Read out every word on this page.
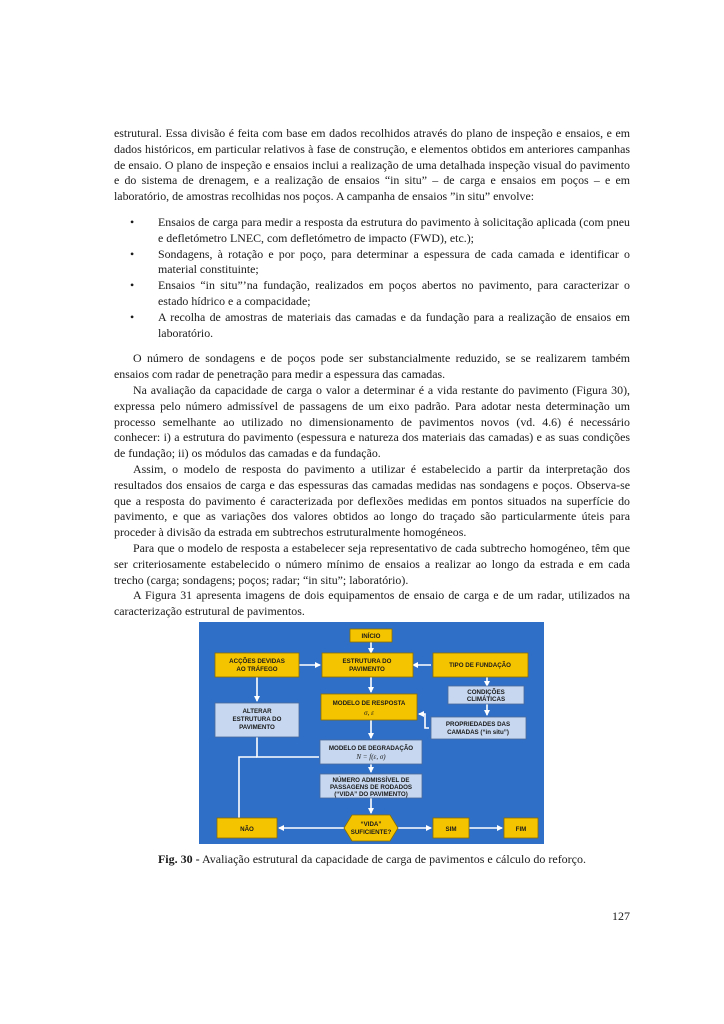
estrutural. Essa divisão é feita com base em dados recolhidos através do plano de inspeção e ensaios, e em dados históricos, em particular relativos à fase de construção, e elementos obtidos em anteriores campanhas de ensaio. O plano de inspeção e ensaios inclui a realização de uma detalhada inspeção visual do pavimento e do sistema de drenagem, e a realização de ensaios “in situ” – de carga e ensaios em poços – e em laboratório, de amostras recolhidas nos poços. A campanha de ensaios ”in situ” envolve:

• Ensaios de carga para medir a resposta da estrutura do pavimento à solicitação aplicada (com pneu e defletómetro LNEC, com defletómetro de impacto (FWD), etc.);
• Sondagens, à rotação e por poço, para determinar a espessura de cada camada e identificar o material constituinte;
• Ensaios “in situ”’na fundação, realizados em poços abertos no pavimento, para caracterizar o estado hídrico e a compacidade;
• A recolha de amostras de materiais das camadas e da fundação para a realização de ensaios em laboratório.

O número de sondagens e de poços pode ser substancialmente reduzido, se se realizarem também ensaios com radar de penetração para medir a espessura das camadas.

Na avaliação da capacidade de carga o valor a determinar é a vida restante do pavimento (Figura 30), expressa pelo número admissível de passagens de um eixo padrão. Para adotar nesta determinação um processo semelhante ao utilizado no dimensionamento de pavimentos novos (vd. 4.6) é necessário conhecer: i) a estrutura do pavimento (espessura e natureza dos materiais das camadas) e as suas condições de fundação; ii) os módulos das camadas e da fundação.

Assim, o modelo de resposta do pavimento a utilizar é estabelecido a partir da interpretação dos resultados dos ensaios de carga e das espessuras das camadas medidas nas sondagens e poços. Observa-se que a resposta do pavimento é caracterizada por deflexões medidas em pontos situados na superfície do pavimento, e que as variações dos valores obtidos ao longo do traçado são particularmente úteis para proceder à divisão da estrada em subtrechos estruturalmente homogéneos.

Para que o modelo de resposta a estabelecer seja representativo de cada subtrecho homogéneo, têm que ser criteriosamente estabelecido o número mínimo de ensaios a realizar ao longo da estrada e em cada trecho (carga; sondagens; poços; radar; “in situ”; laboratório).

A Figura 31 apresenta imagens de dois equipamentos de ensaio de carga e de um radar, utilizados na caracterização estrutural de pavimentos.

INÍCIO
ACÇÕES DEVIDAS
AO TRÁFEGO
ESTRUTURA DO
PAVIMENTO
TIPO DE FUNDAÇÃO
CONDIÇÕES
CLIMÁTICAS
MODELO DE RESPOSTA
σ, ε
ALTERAR
ESTRUTURA DO
PAVIMENTO	PROPRIEDADES DAS
CAMADAS (“in situ”)
MODELO DE DEGRADAÇÃO
N = f(ε, σ)
NÚMERO ADMISSÍVEL DE
PASSAGENS DE RODADOS
(“VIDA” DO PAVIMENTO)
NÃO
“VIDA”
SUFICIENTE?	SIM	FIM
Fig. 30 - Avaliação estrutural da capacidade de carga de pavimentos e cálculo do reforço.
127
